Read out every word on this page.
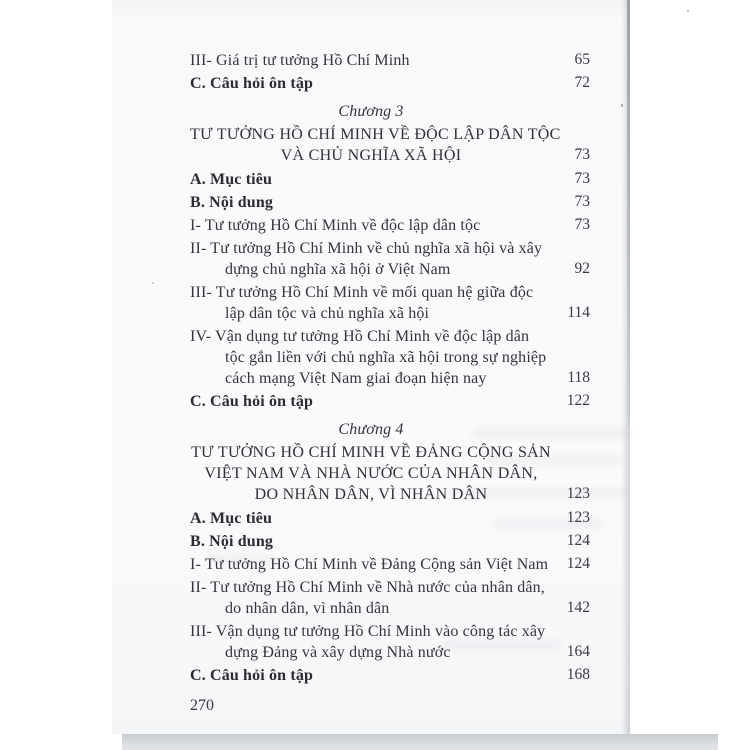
III- Giá trị tư tưởng Hồ Chí Minh	65
C. Câu hỏi ôn tập	72
Chương 3
TƯ TƯỞNG HỒ CHÍ MINH VỀ ĐỘC LẬP DÂN TỘC
VÀ CHỦ NGHĨA XÃ HỘI	73
A. Mục tiêu	73
B. Nội dung	73
I- Tư tưởng Hồ Chí Minh về độc lập dân tộc	73
II- Tư tưởng Hồ Chí Minh về chủ nghĩa xã hội và xây
dựng chủ nghĩa xã hội ở Việt Nam	92
III- Tư tưởng Hồ Chí Minh về mối quan hệ giữa độc
lập dân tộc và chủ nghĩa xã hội	114
IV- Vận dụng tư tưởng Hồ Chí Minh về độc lập dân
tộc gắn liền với chủ nghĩa xã hội trong sự nghiệp
cách mạng Việt Nam giai đoạn hiện nay	118
C. Câu hỏi ôn tập	122
Chương 4
TƯ TƯỞNG HỒ CHÍ MINH VỀ ĐẢNG CỘNG SẢN
VIỆT NAM VÀ NHÀ NƯỚC CỦA NHÂN DÂN,
DO NHÂN DÂN, VÌ NHÂN DÂN	123
A. Mục tiêu	123
B. Nội dung	124
I- Tư tưởng Hồ Chí Minh về Đảng Cộng sản Việt Nam 124
II- Tư tưởng Hồ Chí Minh về Nhà nước của nhân dân,
do nhân dân, vì nhân dân	142
III- Vận dụng tư tưởng Hồ Chí Minh vào công tác xây
dựng Đảng và xây dựng Nhà nước	164
C. Câu hỏi ôn tập	168
270
